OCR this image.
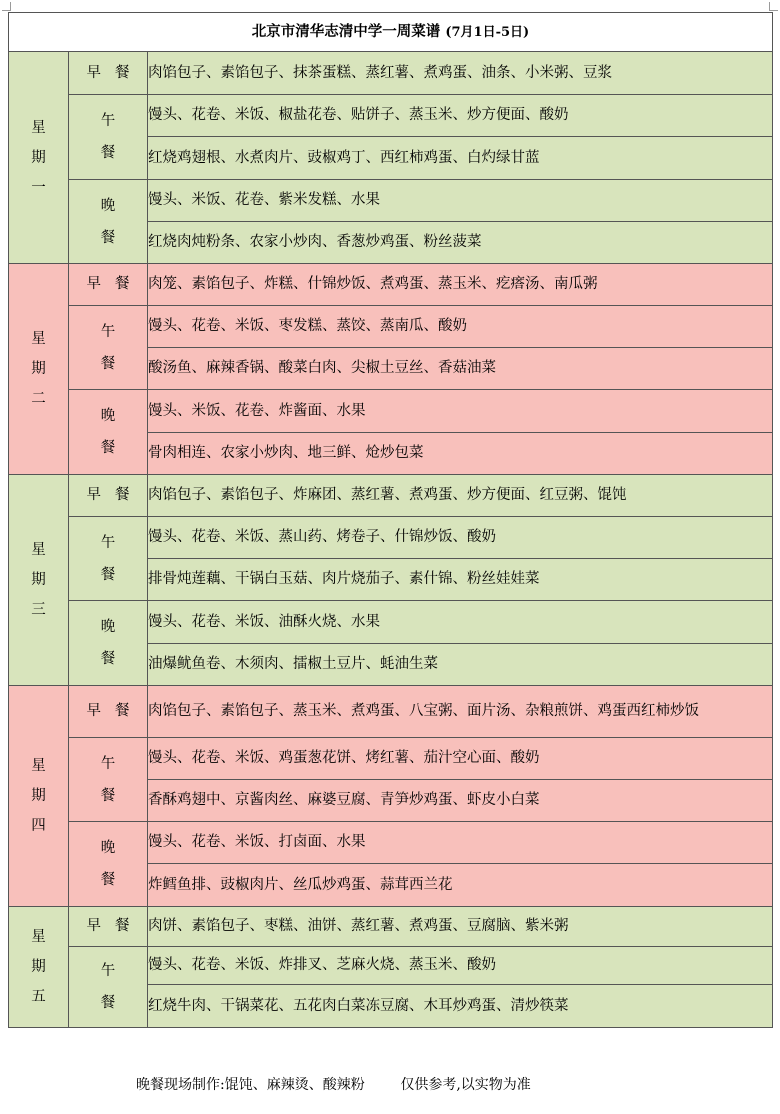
北京市清华志清中学一周菜谱 (7月1日-5日)		

星
期
一	早餐	肉馅包子、素馅包子、抹茶蛋糕、蒸红薯、煮鸡蛋、油条、小米粥、豆浆

	午
餐	馒头、花卷、米饭、椒盐花卷、贴饼子、蒸玉米、炒方便面、酸奶
		红烧鸡翅根、水煮肉片、豉椒鸡丁、西红柿鸡蛋、白灼绿甘蓝

	晚
餐	馒头、米饭、花卷、紫米发糕、水果
		红烧肉炖粉条、农家小炒肉、香葱炒鸡蛋、粉丝菠菜

星
期
二	早餐	肉笼、素馅包子、炸糕、什锦炒饭、煮鸡蛋、蒸玉米、疙瘩汤、南瓜粥

	午
餐	馒头、花卷、米饭、枣发糕、蒸饺、蒸南瓜、酸奶
		酸汤鱼、麻辣香锅、酸菜白肉、尖椒土豆丝、香菇油菜

	晚
餐	馒头、米饭、花卷、炸酱面、水果
		骨肉相连、农家小炒肉、地三鲜、炝炒包菜

星
期
三	早餐	肉馅包子、素馅包子、炸麻团、蒸红薯、煮鸡蛋、炒方便面、红豆粥、馄饨

	午
餐	馒头、花卷、米饭、蒸山药、烤卷子、什锦炒饭、酸奶
		排骨炖莲藕、干锅白玉菇、肉片烧茄子、素什锦、粉丝娃娃菜

	晚
餐	馒头、花卷、米饭、油酥火烧、水果
		油爆鱿鱼卷、木须肉、擂椒土豆片、蚝油生菜

星
期
四	早餐	肉馅包子、素馅包子、蒸玉米、煮鸡蛋、八宝粥、面片汤、杂粮煎饼、鸡蛋西红柿炒饭

	午
餐	馒头、花卷、米饭、鸡蛋葱花饼、烤红薯、茄汁空心面、酸奶
		香酥鸡翅中、京酱肉丝、麻婆豆腐、青笋炒鸡蛋、虾皮小白菜

	晚
餐	馒头、花卷、米饭、打卤面、水果
		炸鳕鱼排、豉椒肉片、丝瓜炒鸡蛋、蒜茸西兰花

星
期
五	早餐	肉饼、素馅包子、枣糕、油饼、蒸红薯、煮鸡蛋、豆腐脑、紫米粥

	午
餐	馒头、花卷、米饭、炸排叉、芝麻火烧、蒸玉米、酸奶
		红烧牛肉、干锅菜花、五花肉白菜冻豆腐、木耳炒鸡蛋、清炒筷菜
晚餐现场制作:馄饨、麻辣烫、酸辣粉	仅供参考,以实物为准
